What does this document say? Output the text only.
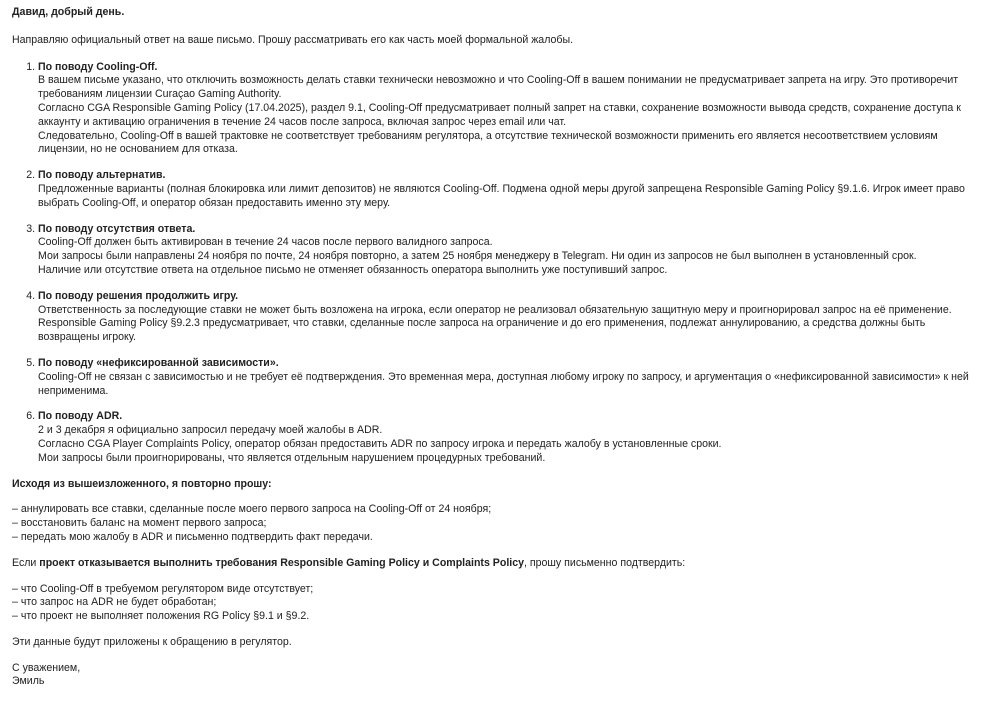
Давид, добрый день.

Направляю официальный ответ на ваше письмо. Прошу рассматривать его как часть моей формальной жалобы.

1. По поводу Cooling-Off.
В вашем письме указано, что отключить возможность делать ставки технически невозможно и что Cooling-Off в вашем понимании не предусматривает запрета на игру. Это противоречит требованиям лицензии Curaçao Gaming Authority.
Согласно CGA Responsible Gaming Policy (17.04.2025), раздел 9.1, Cooling-Off предусматривает полный запрет на ставки, сохранение возможности вывода средств, сохранение доступа к аккаунту и активацию ограничения в течение 24 часов после запроса, включая запрос через email или чат.
Следовательно, Cooling-Off в вашей трактовке не соответствует требованиям регулятора, а отсутствие технической возможности применить его является несоответствием условиям лицензии, но не основанием для отказа.
2. По поводу альтернатив.
Предложенные варианты (полная блокировка или лимит депозитов) не являются Cooling-Off. Подмена одной меры другой запрещена Responsible Gaming Policy §9.1.6. Игрок имеет право выбрать Cooling-Off, и оператор обязан предоставить именно эту меру.
3. По поводу отсутствия ответа.
Cooling-Off должен быть активирован в течение 24 часов после первого валидного запроса.
Мои запросы были направлены 24 ноября по почте, 24 ноября повторно, а затем 25 ноября менеджеру в Telegram. Ни один из запросов не был выполнен в установленный срок.
Наличие или отсутствие ответа на отдельное письмо не отменяет обязанность оператора выполнить уже поступивший запрос.
4. По поводу решения продолжить игру.
Ответственность за последующие ставки не может быть возложена на игрока, если оператор не реализовал обязательную защитную меру и проигнорировал запрос на её применение.
Responsible Gaming Policy §9.2.3 предусматривает, что ставки, сделанные после запроса на ограничение и до его применения, подлежат аннулированию, а средства должны быть возвращены игроку.
5. По поводу «нефиксированной зависимости».
Cooling-Off не связан с зависимостью и не требует её подтверждения. Это временная мера, доступная любому игроку по запросу, и аргументация о «нефиксированной зависимости» к ней неприменима.
6. По поводу ADR.
2 и 3 декабря я официально запросил передачу моей жалобы в ADR.
Согласно CGA Player Complaints Policy, оператор обязан предоставить ADR по запросу игрока и передать жалобу в установленные сроки.
Мои запросы были проигнорированы, что является отдельным нарушением процедурных требований.

Исходя из вышеизложенного, я повторно прошу:

– аннулировать все ставки, сделанные после моего первого запроса на Cooling-Off от 24 ноября;
– восстановить баланс на момент первого запроса;
– передать мою жалобу в ADR и письменно подтвердить факт передачи.

Если проект отказывается выполнить требования Responsible Gaming Policy и Complaints Policy, прошу письменно подтвердить:

– что Cooling-Off в требуемом регулятором виде отсутствует;
– что запрос на ADR не будет обработан;
– что проект не выполняет положения RG Policy §9.1 и §9.2.

Эти данные будут приложены к обращению в регулятор.

С уважением,
Эмиль
